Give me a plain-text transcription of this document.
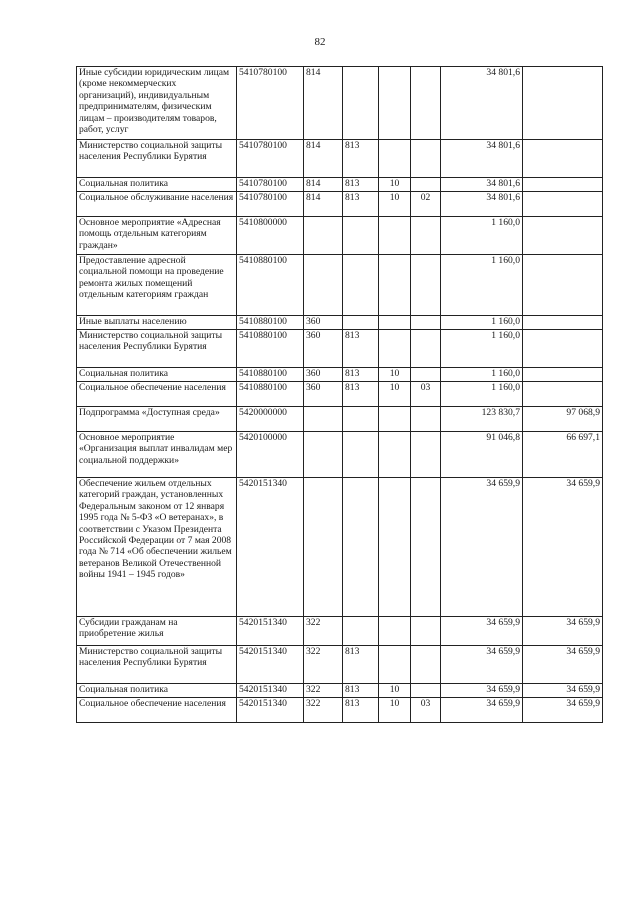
82
Иные субсидии юридическим лицам (кроме некоммерческих организаций), индивидуальным предпринимателям, физическим лицам – производителям товаров, работ, услуг	5410780100	814				34 801,6	
Министерство социальной защиты населения Республики Бурятия	5410780100	814	813			34 801,6	
Социальная политика	5410780100	814	813	10		34 801,6	
Социальное обслуживание населения	5410780100	814	813	10	02	34 801,6	
Основное мероприятие «Адресная помощь отдельным категориям граждан»	5410800000					1 160,0	
Предоставление адресной социальной помощи на проведение ремонта жилых помещений отдельным категориям граждан	5410880100					1 160,0	
Иные выплаты населению	5410880100	360				1 160,0	
Министерство социальной защиты населения Республики Бурятия	5410880100	360	813			1 160,0	
Социальная политика	5410880100	360	813	10		1 160,0	
Социальное обеспечение населения	5410880100	360	813	10	03	1 160,0	
Подпрограмма «Доступная среда»	5420000000					123 830,7	97 068,9
Основное мероприятие «Организация выплат инвалидам мер социальной поддержки»	5420100000					91 046,8	66 697,1
Обеспечение жильем отдельных категорий граждан, установленных Федеральным законом от 12 января 1995 года № 5-ФЗ «О ветеранах», в соответствии с Указом Президента Российской Федерации от 7 мая 2008 года № 714 «Об обеспечении жильем ветеранов Великой Отечественной войны 1941 – 1945 годов»	5420151340					34 659,9	34 659,9
Субсидии гражданам на приобретение жилья	5420151340	322				34 659,9	34 659,9
Министерство социальной защиты населения Республики Бурятия	5420151340	322	813			34 659,9	34 659,9
Социальная политика	5420151340	322	813	10		34 659,9	34 659,9
Социальное обеспечение населения	5420151340	322	813	10	03	34 659,9	34 659,9
